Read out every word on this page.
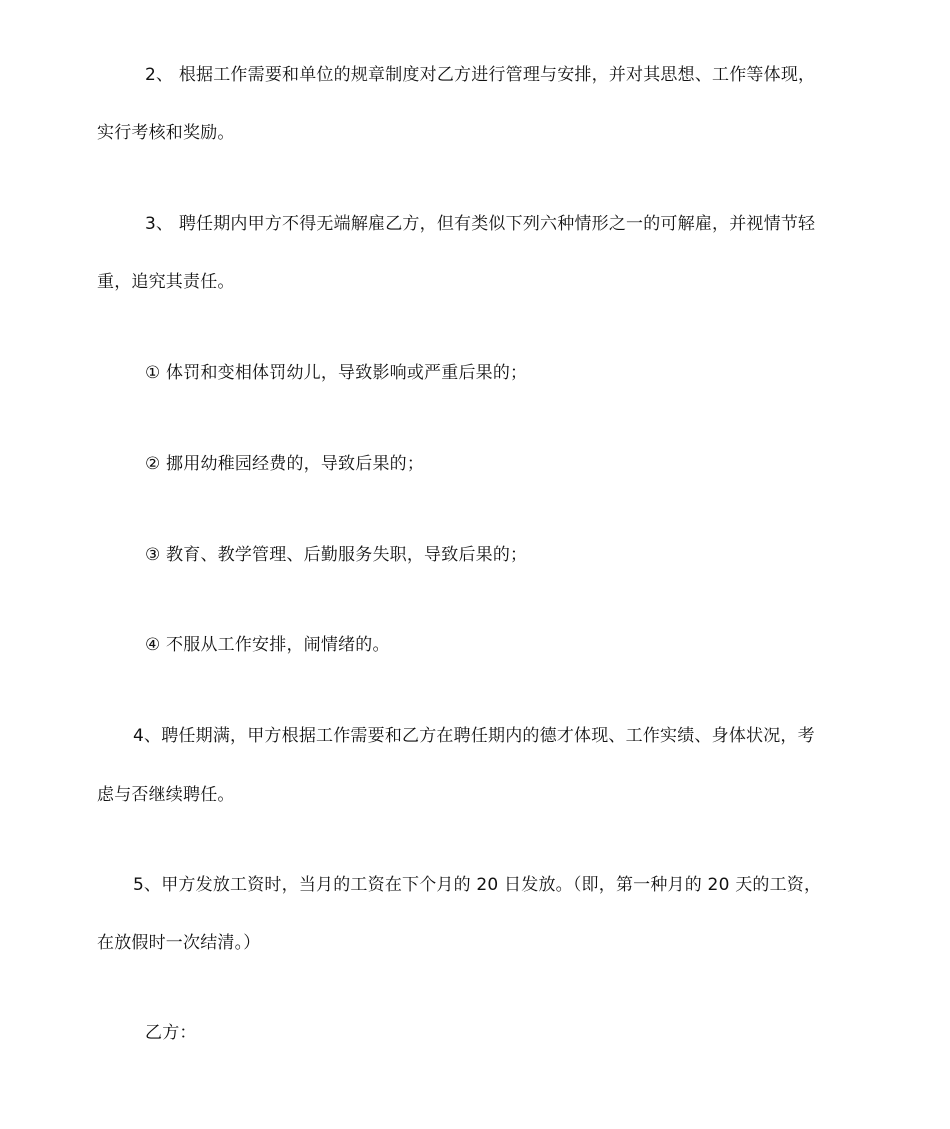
2、 根据工作需要和单位的规章制度对乙方进行管理与安排，并对其思想、工作等体现，
实行考核和奖励。
3、 聘任期内甲方不得无端解雇乙方，但有类似下列六种情形之一的可解雇，并视情节轻
重，追究其责任。
① 体罚和变相体罚幼儿，导致影响或严重后果的；
② 挪用幼稚园经费的，导致后果的；
③ 教育、教学管理、后勤服务失职，导致后果的；
④ 不服从工作安排，闹情绪的。
4、聘任期满，甲方根据工作需要和乙方在聘任期内的德才体现、工作实绩、身体状况，考
虑与否继续聘任。
5、甲方发放工资时，当月的工资在下个月的 20 日发放。（即，第一种月的 20 天的工资，
在放假时一次结清。）
乙方：
